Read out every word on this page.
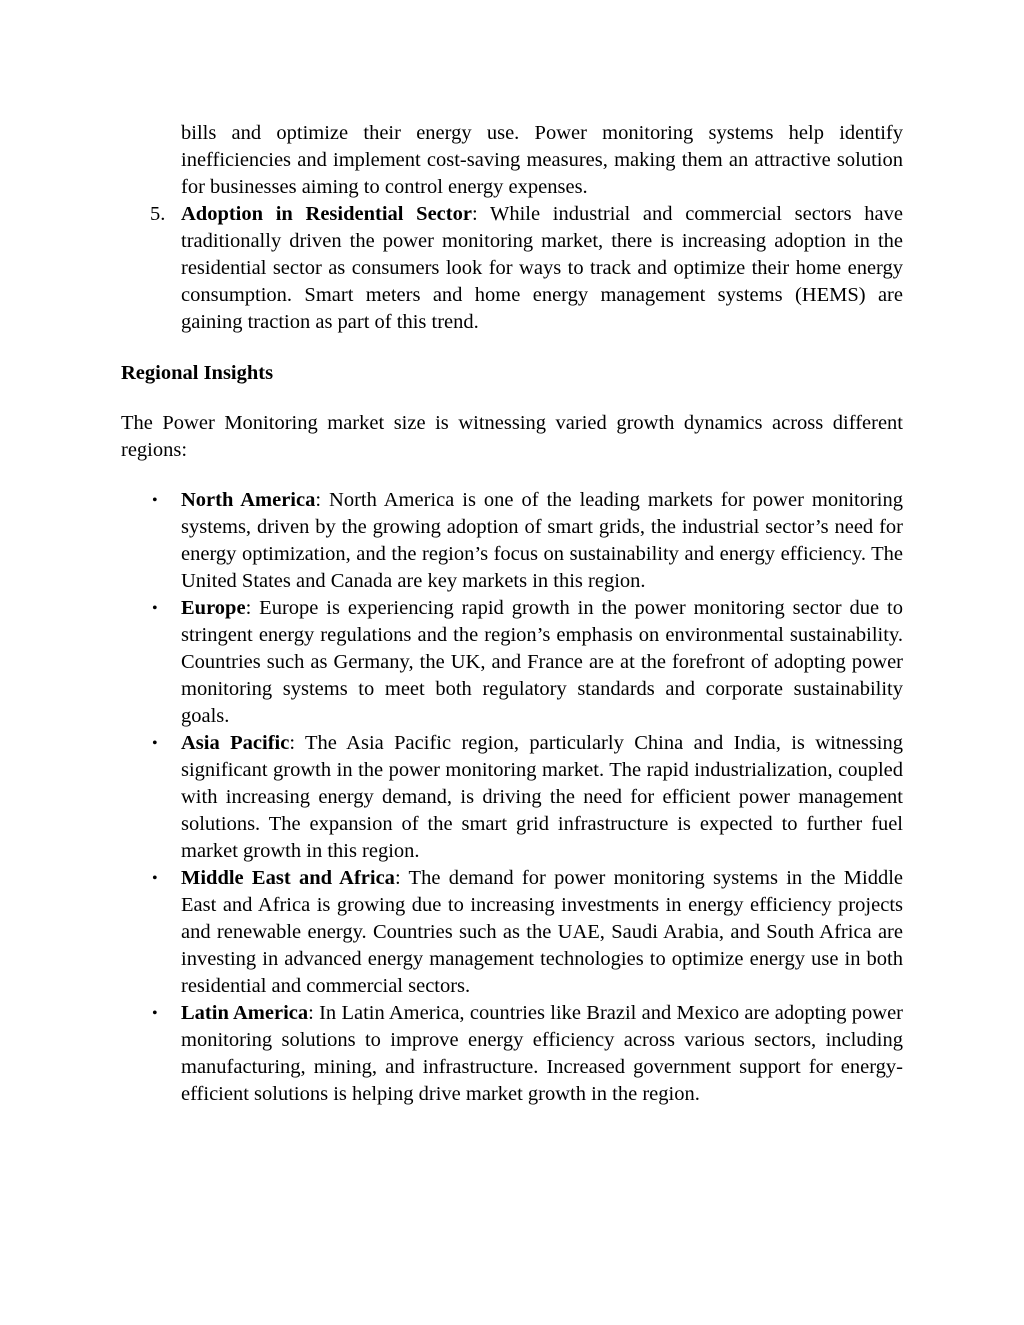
bills and optimize their energy use. Power monitoring systems help identify inefficiencies and implement cost-saving measures, making them an attractive solution for businesses aiming to control energy expenses.

5. Adoption in Residential Sector: While industrial and commercial sectors have traditionally driven the power monitoring market, there is increasing adoption in the residential sector as consumers look for ways to track and optimize their home energy consumption. Smart meters and home energy management systems (HEMS) are gaining traction as part of this trend.
Regional Insights

The Power Monitoring market size is witnessing varied growth dynamics across different regions:

• North America: North America is one of the leading markets for power monitoring systems, driven by the growing adoption of smart grids, the industrial sector’s need for energy optimization, and the region’s focus on sustainability and energy efficiency. The United States and Canada are key markets in this region.
• Europe: Europe is experiencing rapid growth in the power monitoring sector due to stringent energy regulations and the region’s emphasis on environmental sustainability. Countries such as Germany, the UK, and France are at the forefront of adopting power monitoring systems to meet both regulatory standards and corporate sustainability goals.
• Asia Pacific: The Asia Pacific region, particularly China and India, is witnessing significant growth in the power monitoring market. The rapid industrialization, coupled with increasing energy demand, is driving the need for efficient power management solutions. The expansion of the smart grid infrastructure is expected to further fuel market growth in this region.
• Middle East and Africa: The demand for power monitoring systems in the Middle East and Africa is growing due to increasing investments in energy efficiency projects and renewable energy. Countries such as the UAE, Saudi Arabia, and South Africa are investing in advanced energy management technologies to optimize energy use in both residential and commercial sectors.
• Latin America: In Latin America, countries like Brazil and Mexico are adopting power monitoring solutions to improve energy efficiency across various sectors, including manufacturing, mining, and infrastructure. Increased government support for energy-efficient solutions is helping drive market growth in the region.
